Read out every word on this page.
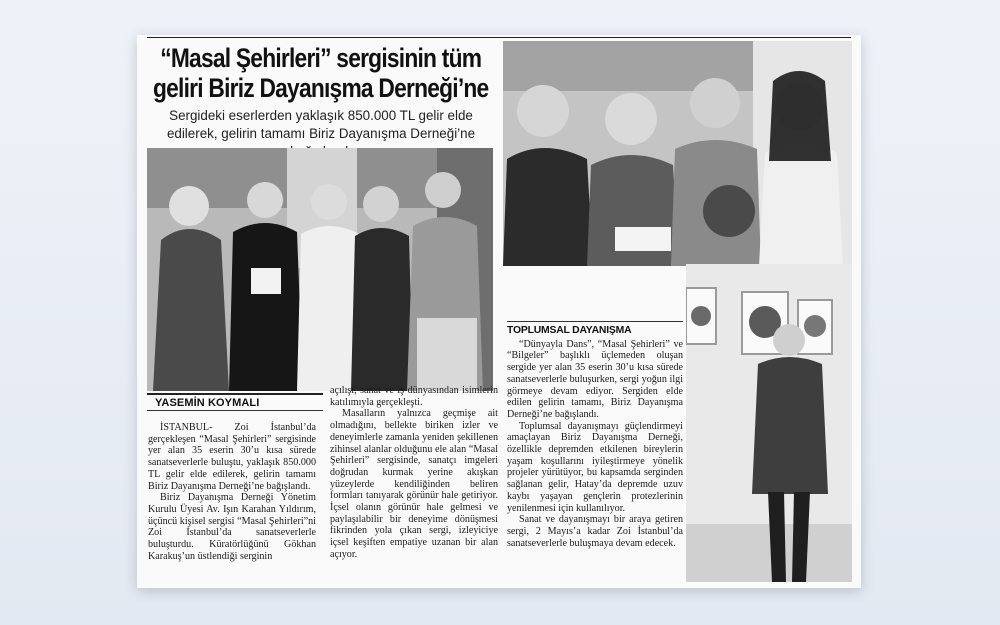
“Masal Şehirleri” sergisinin tüm geliri Biriz Dayanışma Derneği’ne
Sergideki eserlerden yaklaşık 850.000 TL gelir elde edilerek, gelirin tamamı Biriz Dayanışma Derneği’ne
YASEMİN KOYMALI

İSTANBUL- Zoi İstanbul’da gerçekleşen “Masal Şehirleri” sergisinde yer alan 35 eserin 30’u kısa sürede sanatseverlerle buluştu, yaklaşık 850.000 TL gelir elde edilerek, gelirin tamamı Biriz Dayanışma Derneği’ne bağışlandı.

Biriz Dayanışma Derneği Yönetim Kurulu Üyesi Av. Işın Karahan Yıldırım, üçüncü kişisel sergisi “Masal Şehirleri”ni Zoi İstanbul’da sanatseverlerle buluşturdu. Küratörlüğünü Gökhan Karakuş’un üstlendiği serginin

açılışı, sanat ve iş dünyasından isimlerin katılımıyla gerçekleşti.

Masalların yalnızca geçmişe ait olmadığını, bellekte biriken izler ve deneyimlerle zamanla yeniden şekillenen zihinsel alanlar olduğunu ele alan “Masal Şehirleri” sergisinde, sanatçı imgeleri doğrudan kurmak yerine akışkan yüzeylerde kendiliğinden beliren formları tanıyarak görünür hale getiriyor. İçsel olanın görünür hale gelmesi ve paylaşılabilir bir deneyime dönüşmesi fikrinden yola çıkan sergi, izleyiciye içsel keşiften empatiye uzanan bir alan açıyor.

TOPLUMSAL DAYANIŞMA

“Dünyayla Dans”, “Masal Şehirleri” ve “Bilgeler” başlıklı üçlemeden oluşan sergide yer alan 35 eserin 30’u kısa sürede sanatseverlerle buluşurken, sergi yoğun ilgi görmeye devam ediyor. Sergiden elde edilen gelirin tamamı, Biriz Dayanışma Derneği’ne bağışlandı.

Toplumsal dayanışmayı güçlendirmeyi amaçlayan Biriz Dayanışma Derneği, özellikle depremden etkilenen bireylerin yaşam koşullarını iyileştirmeye yönelik projeler yürütüyor, bu kapsamda serginden sağlanan gelir, Hatay’da depremde uzuv kaybı yaşayan gençlerin protezlerinin yenilenmesi için kullanılıyor.

Sanat ve dayanışmayı bir araya getiren sergi, 2 Mayıs’a kadar Zoi İstanbul’da sanatseverlerle buluşmaya devam edecek.
